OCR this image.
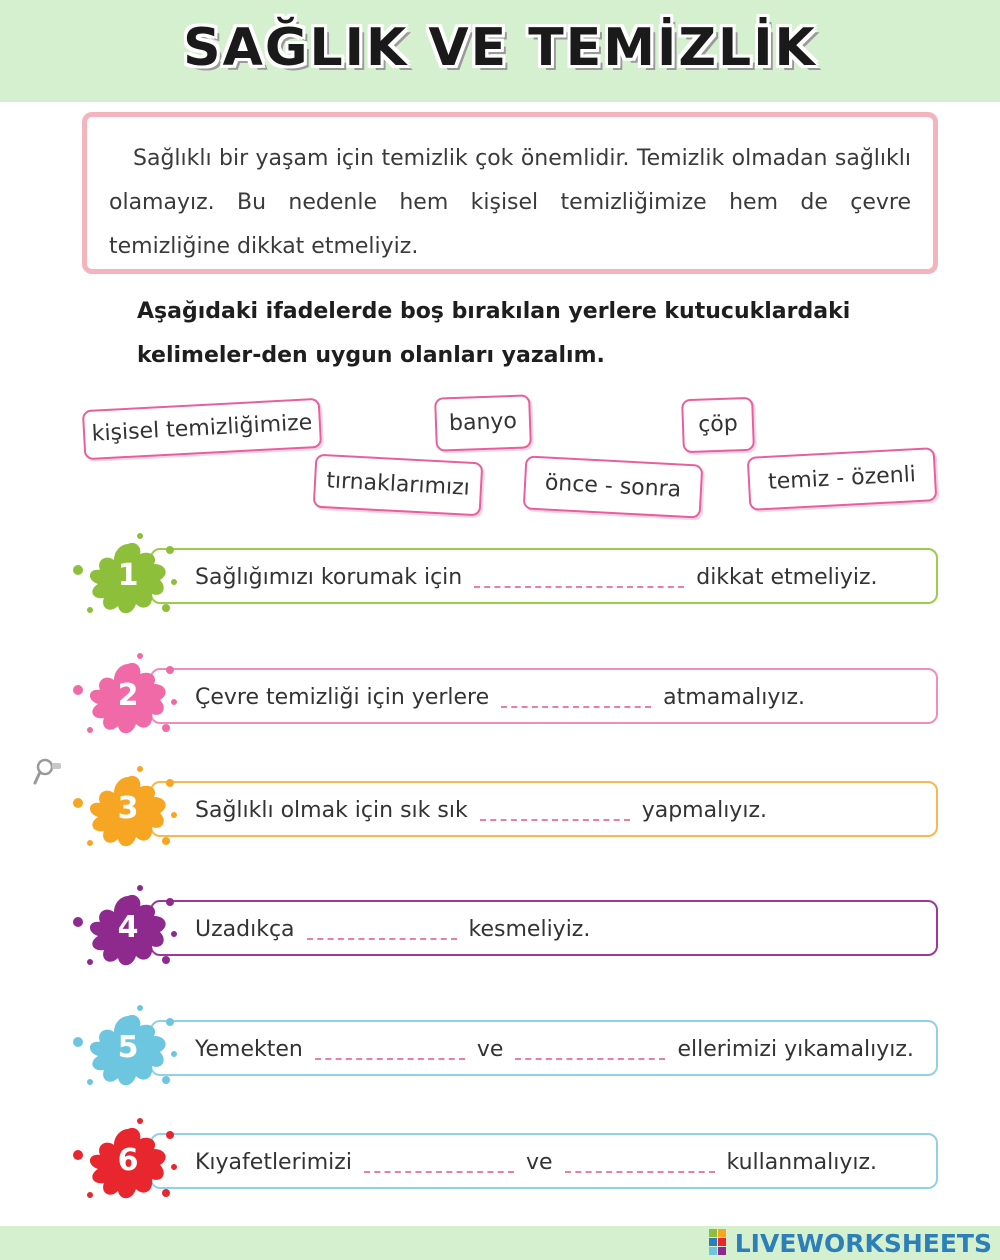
SAĞLIK VE TEMİZLİK

Sağlıklı bir yaşam için temizlik çok önemlidir. Temizlik olmadan sağlıklı olamayız. Bu nedenle hem kişisel temizliğimize hem de çevre temizliğine dikkat etmeliyiz.

Aşağıdaki ifadelerde boş bırakılan yerlere kutucuklardaki kelimeler-den uygun olanları yazalım.
kişisel temizliğimize	banyo	çöp
tırnaklarımızı	önce - sonra	temiz - özenli
1	Sağlığımızı korumak için	dikkat etmeliyiz.
2	Çevre temizliği için yerlere	atmamalıyız.
3	Sağlıklı olmak için sık sık	yapmalıyız.
4	Uzadıkça	kesmeliyiz.
5	Yemekten	ve	ellerimizi yıkamalıyız.
6	Kıyafetlerimizi	ve	kullanmalıyız.
LIVEWORKSHEETS
